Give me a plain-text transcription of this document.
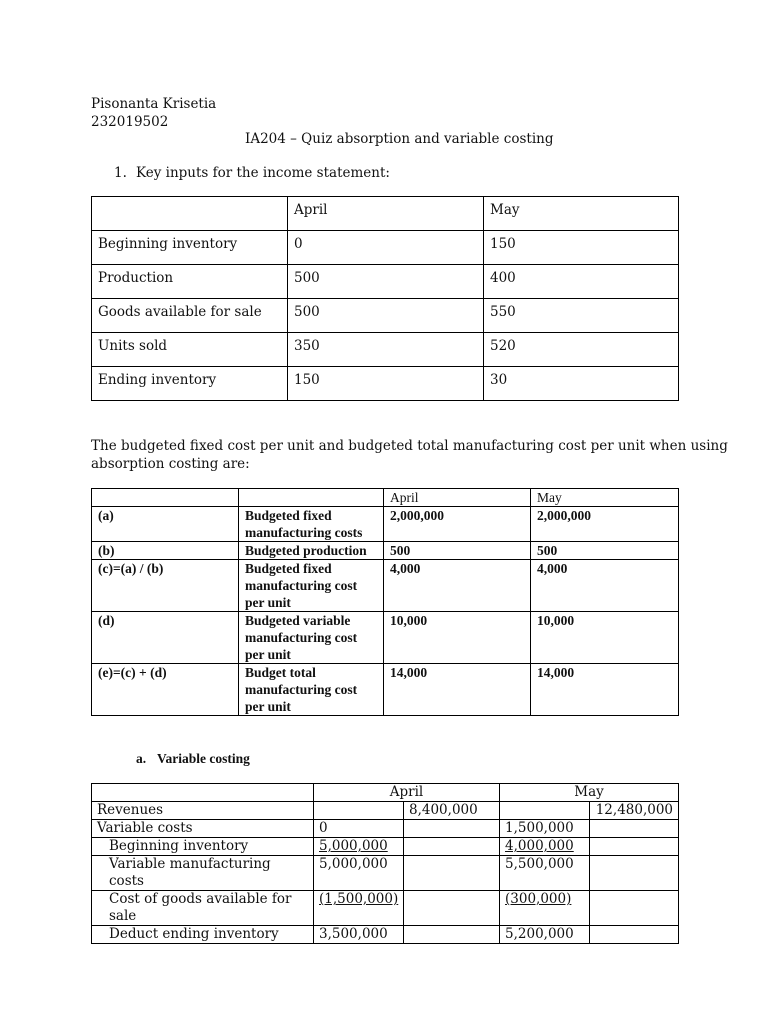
Pisonanta Krisetia
232019502
IA204 – Quiz absorption and variable costing
1. Key inputs for the income statement:
	April	May
Beginning inventory	0	150
Production	500	400
Goods available for sale	500	550
Units sold	350	520
Ending inventory	150	30
The budgeted fixed cost per unit and budgeted total manufacturing cost per unit when using
absorption costing are:
		April	May
(a)	Budgeted fixed manufacturing costs	2,000,000	2,000,000
(b)	Budgeted production	500	500
(c)=(a) / (b)	Budgeted fixed manufacturing cost per unit	4,000	4,000
(d)	Budgeted variable manufacturing cost per unit	10,000	10,000
(e)=(c) + (d)	Budget total manufacturing cost per unit	14,000	14,000
a. Variable costing
	April		May	
Revenues		8,400,000		12,480,000
Variable costs	0		1,500,000	
Beginning inventory	5,000,000		4,000,000	
Variable manufacturing costs	5,000,000		5,500,000	
Cost of goods available for sale	(1,500,000)		(300,000)	
Deduct ending inventory	3,500,000		5,200,000	
